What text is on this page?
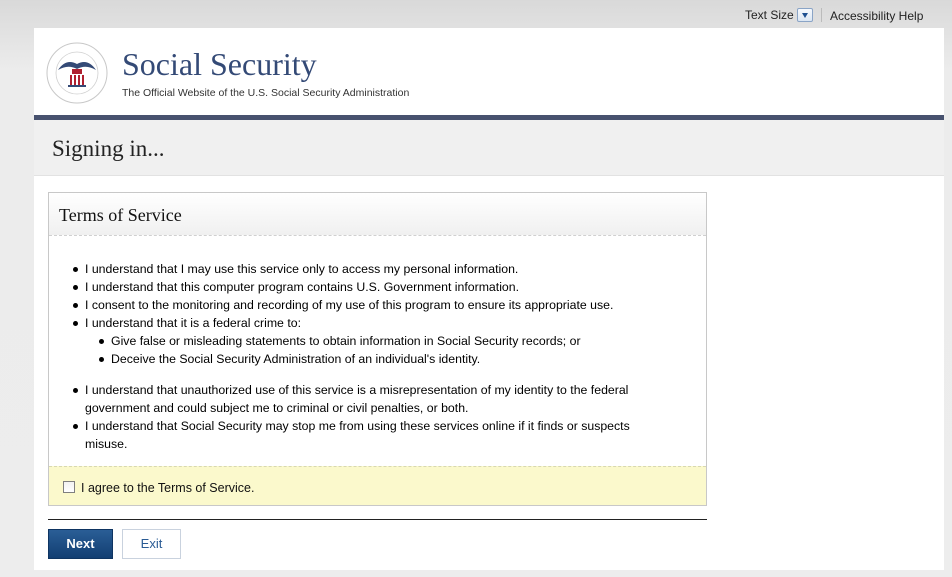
Text Size	Accessibility Help
Social Security
The Official Website of the U.S. Social Security Administration
Signing in...
Terms of Service
I understand that I may use this service only to access my personal information.
I understand that this computer program contains U.S. Government information.
I consent to the monitoring and recording of my use of this program to ensure its appropriate use.
I understand that it is a federal crime to:
Give false or misleading statements to obtain information in Social Security records; or
Deceive the Social Security Administration of an individual's identity.
I understand that unauthorized use of this service is a misrepresentation of my identity to the federal government and could subject me to criminal or civil penalties, or both.
I understand that Social Security may stop me from using these services online if it finds or suspects misuse.
I agree to the Terms of Service.
Next	Exit
